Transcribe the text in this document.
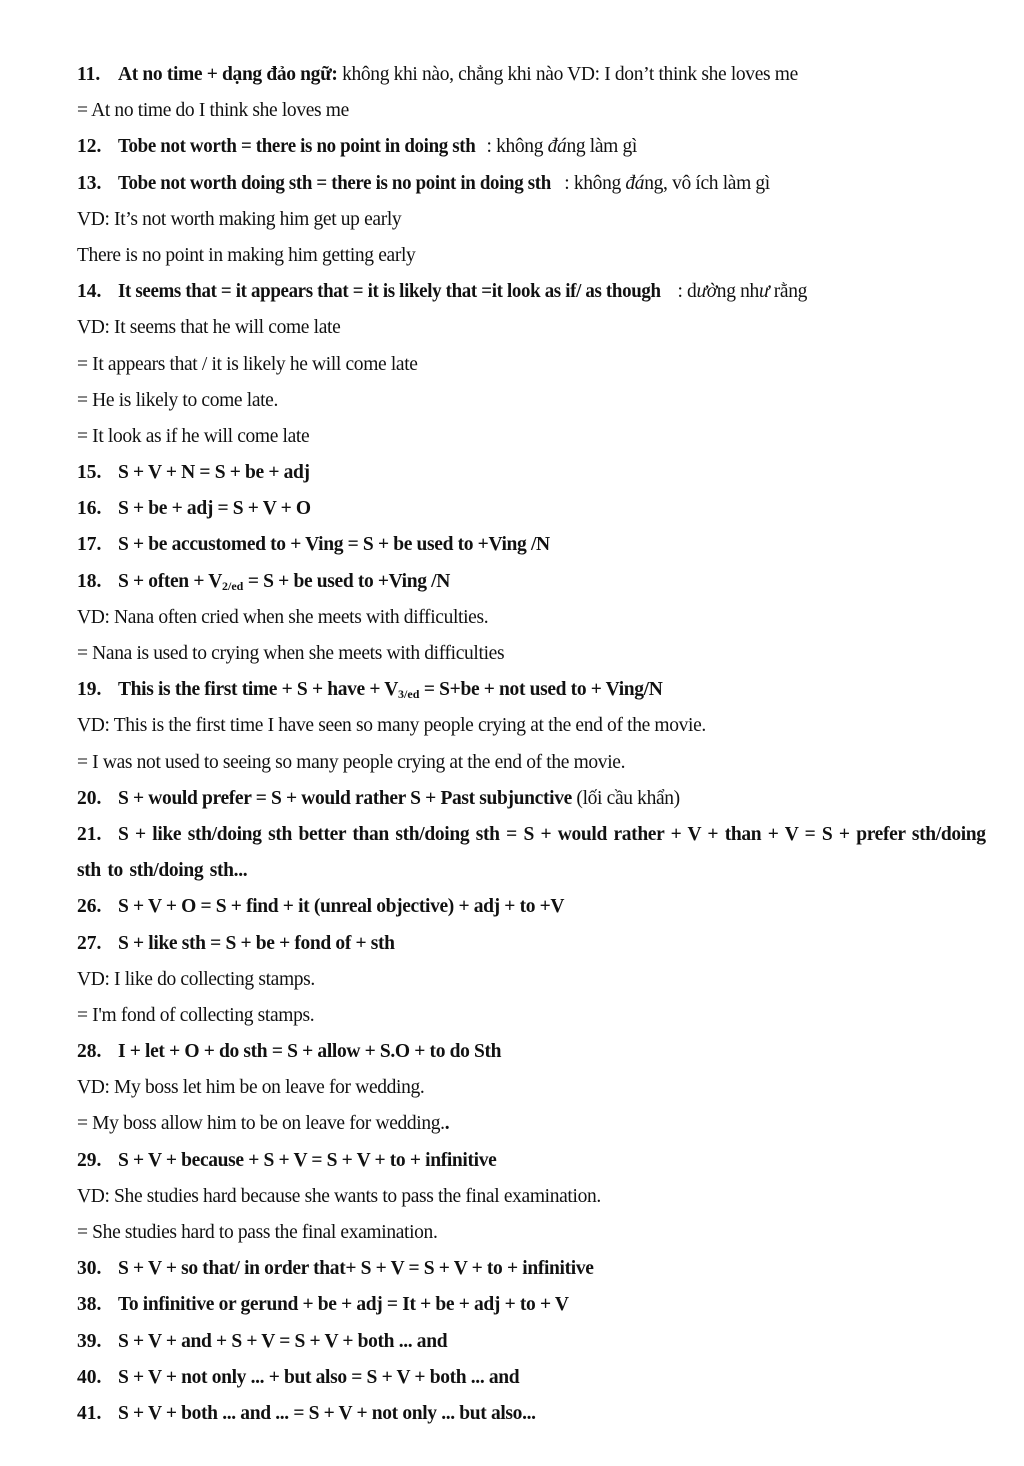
11. At no time + dạng đảo ngữ: không khi nào, chẳng khi nào VD: I don’t think she loves me
= At no time do I think she loves me
12. Tobe not worth = there is no point in doing sth : không đáng làm gì
13. Tobe not worth doing sth = there is no point in doing sth : không đáng, vô ích làm gì
VD: It’s not worth making him get up early
There is no point in making him getting early
14. It seems that = it appears that = it is likely that =it look as if/ as though : dường như rằng
VD: It seems that he will come late
= It appears that / it is likely he will come late
= He is likely to come late.
= It look as if he will come late
15. S + V + N = S + be + adj
16. S + be + adj = S + V + O
17. S + be accustomed to + Ving = S + be used to +Ving /N
18. S + often + V2/ed = S + be used to +Ving /N
VD: Nana often cried when she meets with difficulties.
= Nana is used to crying when she meets with difficulties
19. This is the first time + S + have + V3/ed = S+be + not used to + Ving/N
VD: This is the first time I have seen so many people crying at the end of the movie.
= I was not used to seeing so many people crying at the end of the movie.
20. S + would prefer = S + would rather S + Past subjunctive (lối cầu khẩn)
21. S + like sth/doing sth better than sth/doing sth = S + would rather + V + than + V = S + prefer sth/doing sth to sth/doing sth...
26. S + V + O = S + find + it (unreal objective) + adj + to +V
27. S + like sth = S + be + fond of + sth
VD: I like do collecting stamps.
= I'm fond of collecting stamps.
28. I + let + O + do sth = S + allow + S.O + to do Sth
VD: My boss let him be on leave for wedding.
= My boss allow him to be on leave for wedding..
29. S + V + because + S + V = S + V + to + infinitive
VD: She studies hard because she wants to pass the final examination.
= She studies hard to pass the final examination.
30. S + V + so that/ in order that+ S + V = S + V + to + infinitive
38. To infinitive or gerund + be + adj = It + be + adj + to + V
39. S + V + and + S + V = S + V + both ... and
40. S + V + not only ... + but also = S + V + both ... and
41. S + V + both ... and ... = S + V + not only ... but also...
